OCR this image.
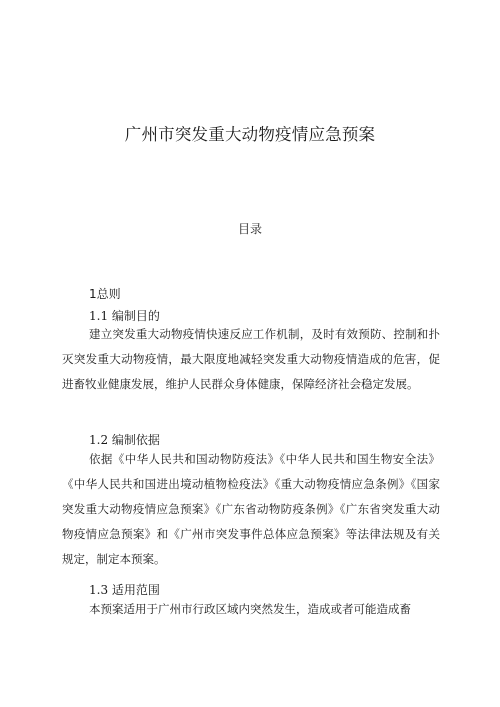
广州市突发重大动物疫情应急预案
目录
1总则
1.1 编制目的
建立突发重大动物疫情快速反应工作机制，及时有效预防、控制和扑灭突发重大动物疫情，最大限度地减轻突发重大动物疫情造成的危害，促进畜牧业健康发展，维护人民群众身体健康，保障经济社会稳定发展。
1.2 编制依据
依据《中华人民共和国动物防疫法》《中华人民共和国生物安全法》《中华人民共和国进出境动植物检疫法》《重大动物疫情应急条例》《国家突发重大动物疫情应急预案》《广东省动物防疫条例》《广东省突发重大动物疫情应急预案》和《广州市突发事件总体应急预案》等法律法规及有关规定，制定本预案。
1.3 适用范围
本预案适用于广州市行政区域内突然发生，造成或者可能造成畜
